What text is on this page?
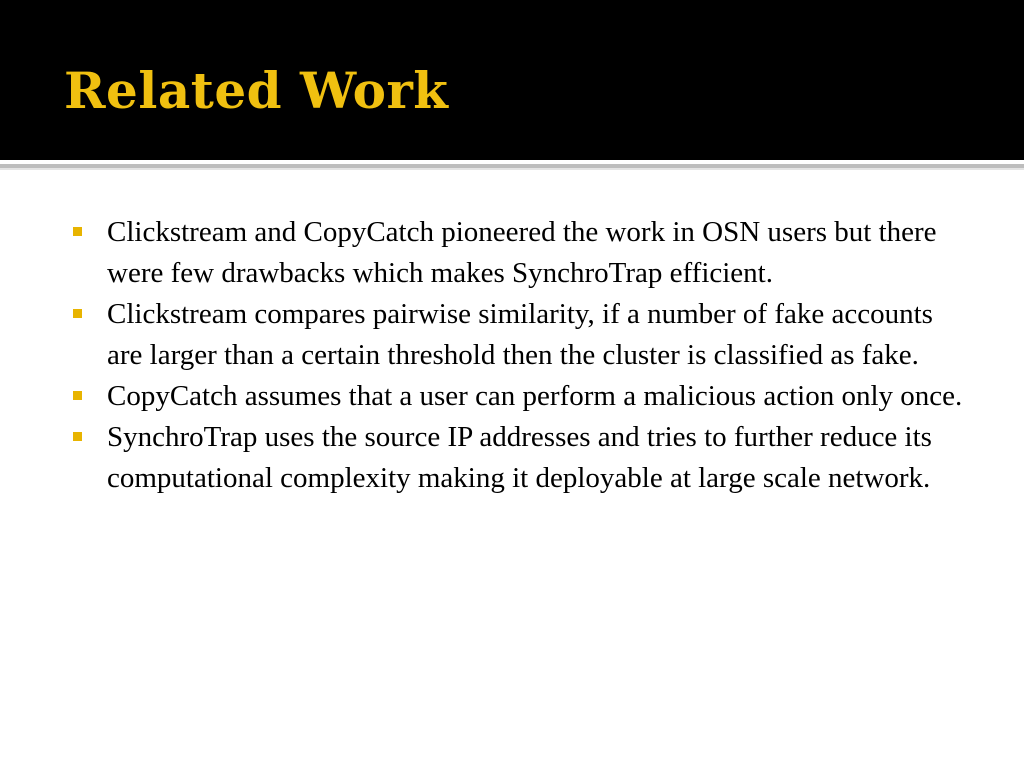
Related Work
Clickstream and CopyCatch pioneered the work in OSN users but there were few drawbacks which makes SynchroTrap efficient.
Clickstream compares pairwise similarity, if a number of fake accounts are larger than a certain threshold then the cluster is classified as fake.
CopyCatch assumes that a user can perform a malicious action only once.
SynchroTrap uses the source IP addresses and tries to further reduce its computational complexity making it deployable at large scale network.
